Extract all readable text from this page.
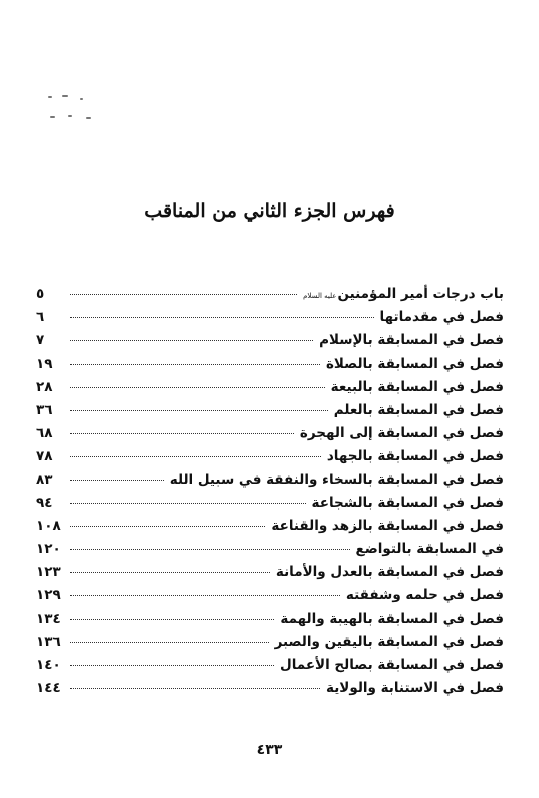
فهرس الجزء الثاني من المناقب
باب درجات أمير المؤمنين
عليه السلام
٥
فصل في مقدماتها
٦
فصل في المسابقة بالإسلام
٧
فصل في المسابقة بالصلاة
١٩
فصل في المسابقة بالبيعة
٢٨
فصل في المسابقة بالعلم
٣٦
فصل في المسابقة إلى الهجرة
٦٨
فصل في المسابقة بالجهاد
٧٨
فصل في المسابقة بالسخاء والنفقة في سبيل الله
٨٣
فصل في المسابقة بالشجاعة
٩٤
فصل في المسابقة بالزهد والقناعة
١٠٨
في المسابقة بالتواضع
١٢٠
فصل في المسابقة بالعدل والأمانة
١٢٣
فصل في حلمه وشفقته
١٢٩
فصل في المسابقة بالهيبة والهمة
١٣٤
فصل في المسابقة باليقين والصبر
١٣٦
فصل في المسابقة بصالح الأعمال
١٤٠
فصل في الاستنابة والولاية
١٤٤
٤٣٣
